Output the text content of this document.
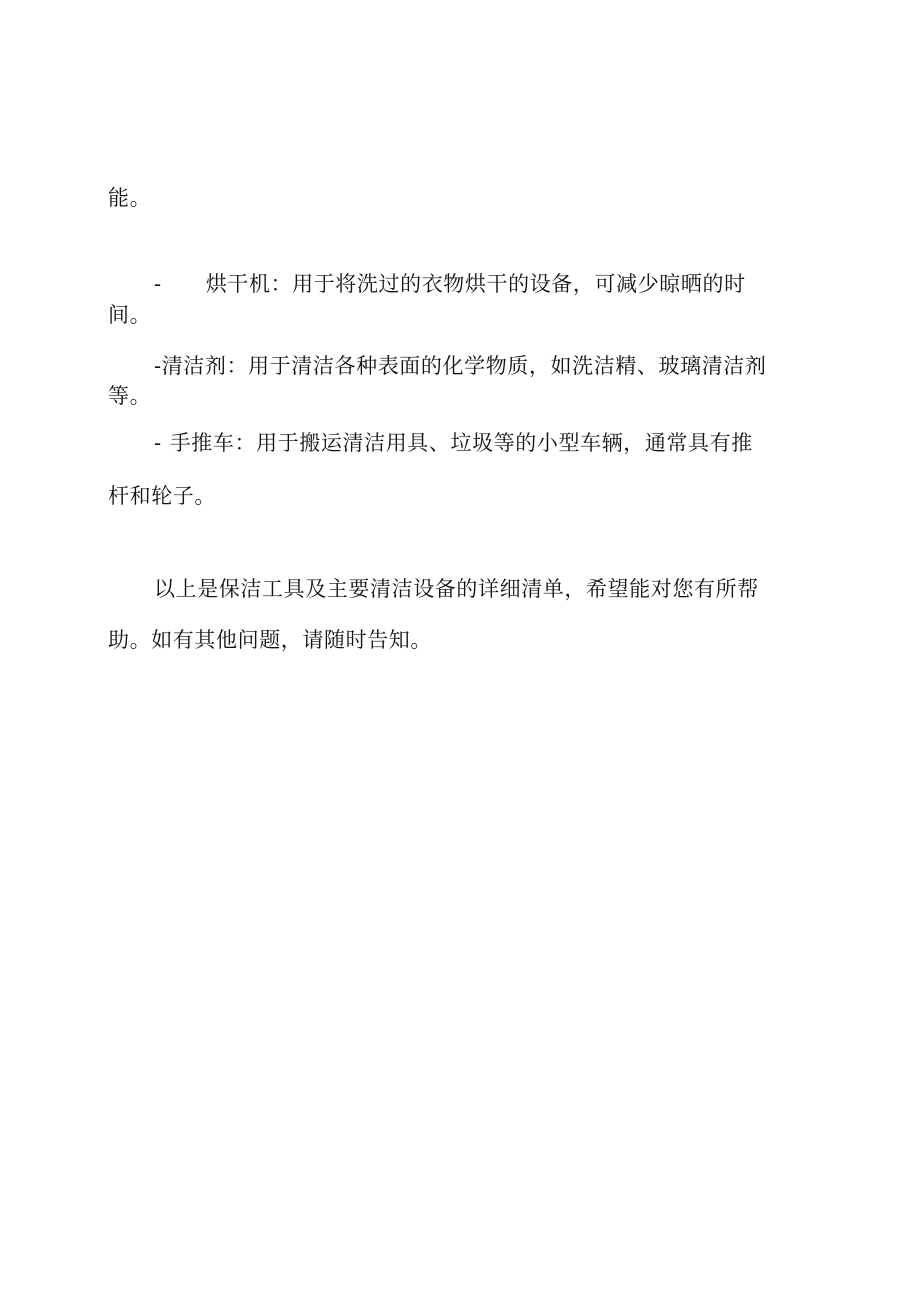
能。
- 烘干机：用于将洗过的衣物烘干的设备，可减少晾晒的时
间。
-清洁剂：用于清洁各种表面的化学物质，如洗洁精、玻璃清洁剂
等。
- 手推车：用于搬运清洁用具、垃圾等的小型车辆，通常具有推
杆和轮子。
以上是保洁工具及主要清洁设备的详细清单，希望能对您有所帮
助。如有其他问题，请随时告知。
